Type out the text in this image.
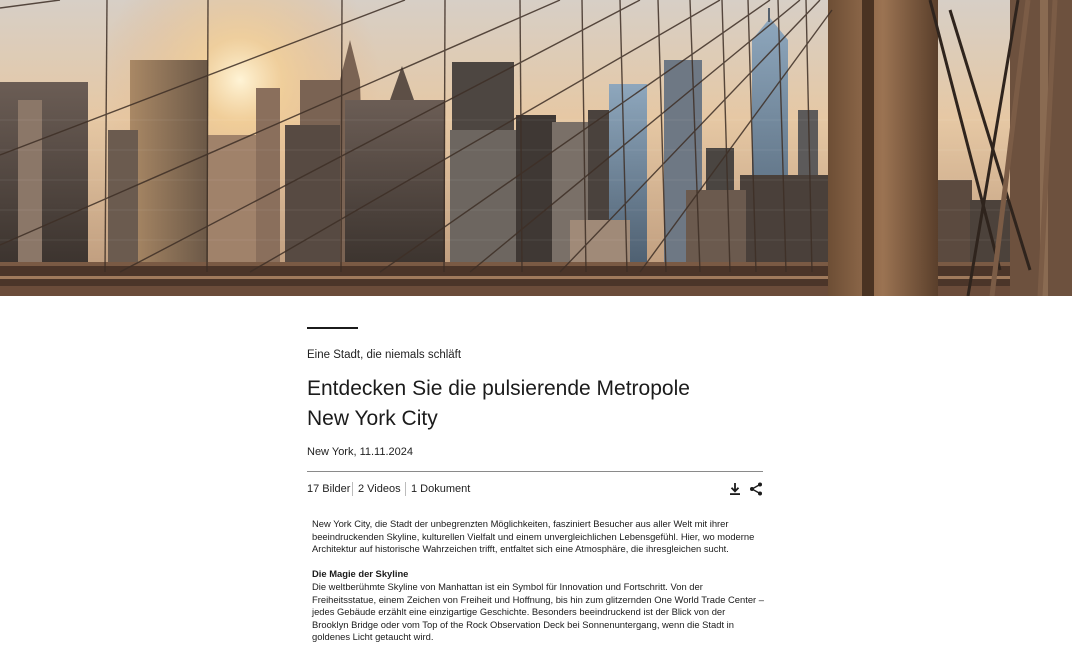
Eine Stadt, die niemals schläft
Entdecken Sie die pulsierende Metropole
New York City
New York, 11.11.2024
17 Bilder 2 Videos 1 Dokument

New York City, die Stadt der unbegrenzten Möglichkeiten, fasziniert Besucher aus aller Welt mit ihrer beeindruckenden Skyline, kulturellen Vielfalt und einem unvergleichlichen Lebensgefühl. Hier, wo moderne Architektur auf historische Wahrzeichen trifft, entfaltet sich eine Atmosphäre, die ihresgleichen sucht.

Die Magie der Skyline
Die weltberühmte Skyline von Manhattan ist ein Symbol für Innovation und Fortschritt. Von der Freiheitsstatue, einem Zeichen von Freiheit und Hoffnung, bis hin zum glitzernden One World Trade Center – jedes Gebäude erzählt eine einzigartige Geschichte. Besonders beeindruckend ist der Blick von der Brooklyn Bridge oder vom Top of the Rock Observation Deck bei Sonnenuntergang, wenn die Stadt in goldenes Licht getaucht wird.
